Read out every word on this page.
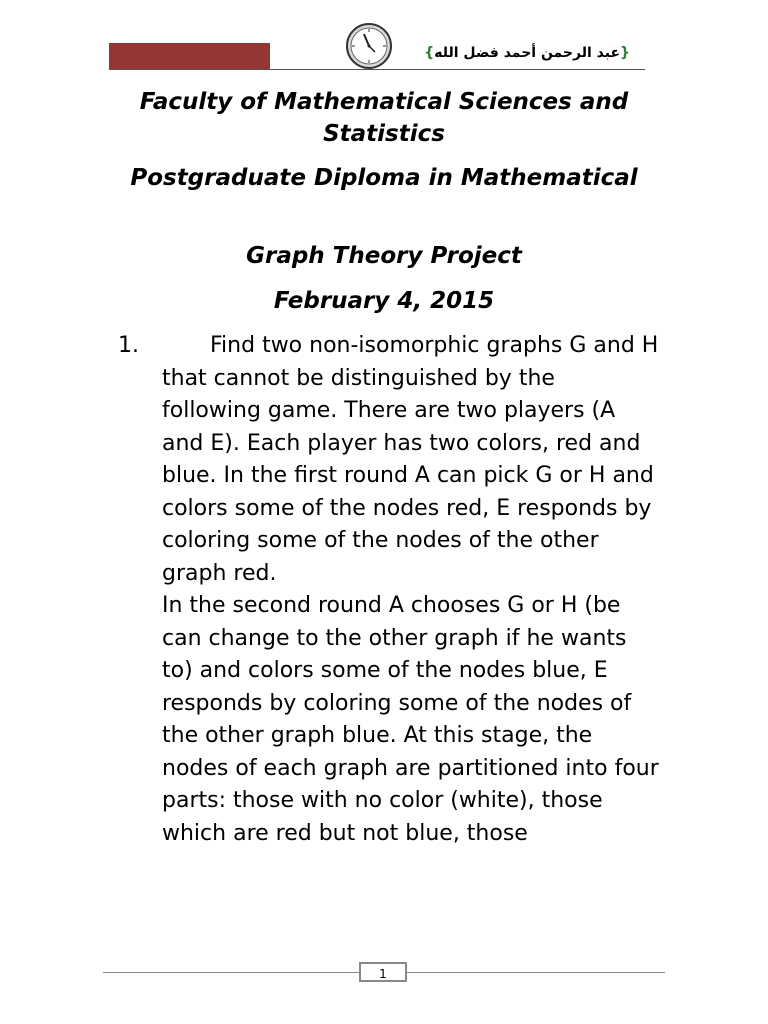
{عبد الرحمن أحمد فضل الله}

Faculty of Mathematical Sciences and Statistics

Postgraduate Diploma in Mathematical

Graph Theory Project

February 4, 2015

1.	Find two non-isomorphic graphs G and H that cannot be distinguished by the following game. There are two players (A and E). Each player has two colors, red and blue. In the first round A can pick G or H and colors some of the nodes red, E responds by coloring some of the nodes of the other graph red.
In the second round A chooses G or H (be can change to the other graph if he wants to) and colors some of the nodes blue, E responds by coloring some of the nodes of the other graph blue. At this stage, the nodes of each graph are partitioned into four parts: those with no color (white), those which are red but not blue, those
1
